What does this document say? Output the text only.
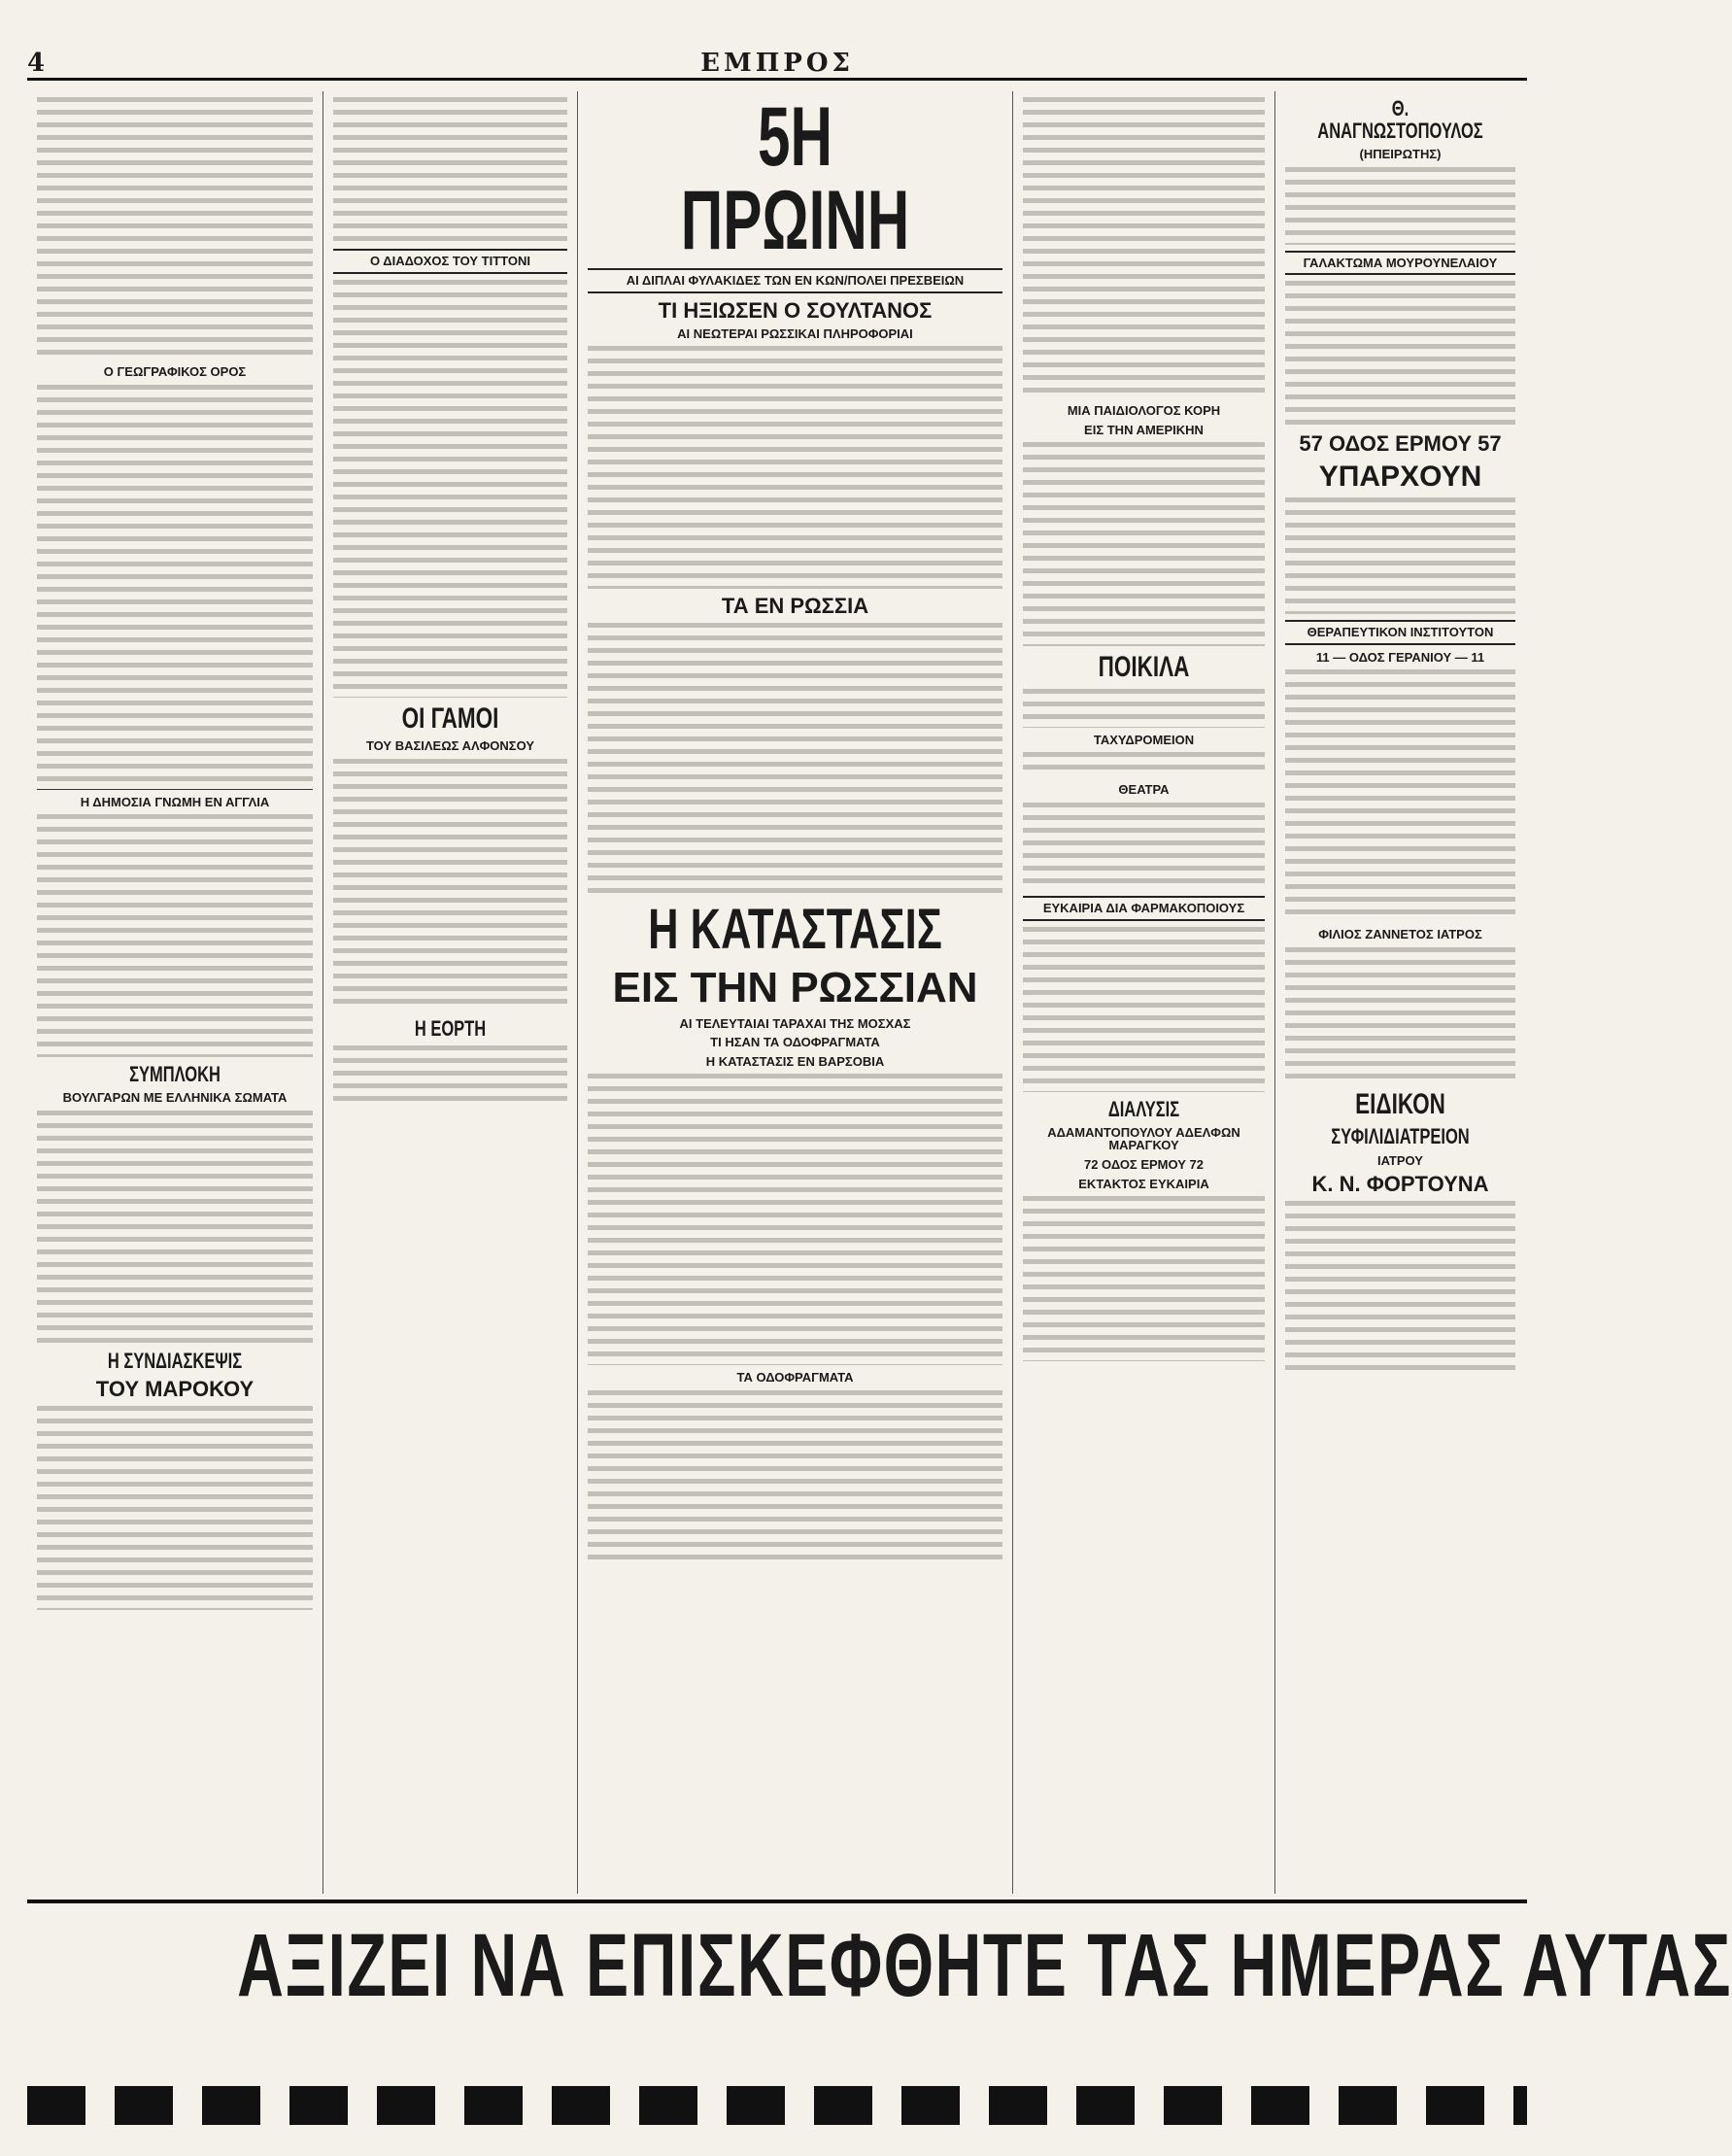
4	ΕΜΠΡΟΣ
Ο ΓΕΩΓΡΑΦΙΚΟΣ ΟΡΟΣ
Η ΔΗΜΟΣΙΑ ΓΝΩΜΗ ΕΝ ΑΓΓΛΙΑ
ΣΥΜΠΛΟΚΗ
ΒΟΥΛΓΑΡΩΝ ΜΕ ΕΛΛΗΝΙΚΑ ΣΩΜΑΤΑ
Η ΣΥΝΔΙΑΣΚΕΨΙΣ
ΤΟΥ ΜΑΡΟΚΟΥ
Ο ΔΙΑΔΟΧΟΣ ΤΟΥ ΤΙΤΤΟΝΙ
ΟΙ ΓΑΜΟΙ
ΤΟΥ ΒΑΣΙΛΕΩΣ ΑΛΦΟΝΣΟΥ
Η ΕΟΡΤΗ
5Η ΠΡΩΙΝΗ
ΑΙ ΔΙΠΛΑΙ ΦΥΛΑΚΙΔΕΣ ΤΩΝ ΕΝ ΚΩΝ/ΠΟΛΕΙ ΠΡΕΣΒΕΙΩΝ
ΤΙ ΗΞΙΩΣΕΝ Ο ΣΟΥΛΤΑΝΟΣ
ΑΙ ΝΕΩΤΕΡΑΙ ΡΩΣΣΙΚΑΙ ΠΛΗΡΟΦΟΡΙΑΙ
ΤΑ ΕΝ ΡΩΣΣΙΑ
Η ΚΑΤΑΣΤΑΣΙΣ
ΕΙΣ ΤΗΝ ΡΩΣΣΙΑΝ
ΑΙ ΤΕΛΕΥΤΑΙΑΙ ΤΑΡΑΧΑΙ ΤΗΣ ΜΟΣΧΑΣ
ΤΙ ΗΣΑΝ ΤΑ ΟΔΟΦΡΑΓΜΑΤΑ
Η ΚΑΤΑΣΤΑΣΙΣ ΕΝ ΒΑΡΣΟΒΙΑ
ΤΑ ΟΔΟΦΡΑΓΜΑΤΑ
ΜΙΑ ΠΑΙΔΙΟΛΟΓΟΣ ΚΟΡΗ
ΕΙΣ ΤΗΝ ΑΜΕΡΙΚΗΝ
ΠΟΙΚΙΛΑ
ΤΑΧΥΔΡΟΜΕΙΟΝ
ΘΕΑΤΡΑ
ΕΥΚΑΙΡΙΑ ΔΙΑ ΦΑΡΜΑΚΟΠΟΙΟΥΣ
ΔΙΑΛΥΣΙΣ
ΑΔΑΜΑΝΤΟΠΟΥΛΟΥ ΑΔΕΛΦΩΝ ΜΑΡΑΓΚΟΥ
72 ΟΔΟΣ ΕΡΜΟΥ 72
ΕΚΤΑΚΤΟΣ ΕΥΚΑΙΡΙΑ
Θ. ΑΝΑΓΝΩΣΤΟΠΟΥΛΟΣ
(ΗΠΕΙΡΩΤΗΣ)
ΓΑΛΑΚΤΩΜΑ ΜΟΥΡΟΥΝΕΛΑΙΟΥ
57 ΟΔΟΣ ΕΡΜΟΥ 57
ΥΠΑΡΧΟΥΝ
ΘΕΡΑΠΕΥΤΙΚΟΝ ΙΝΣΤΙΤΟΥΤΟΝ
11 — ΟΔΟΣ ΓΕΡΑΝΙΟΥ — 11
ΦΙΛΙΟΣ ΖΑΝΝΕΤΟΣ ΙΑΤΡΟΣ
ΕΙΔΙΚΟΝ
ΣΥΦΙΛΙΔΙΑΤΡΕΙΟΝ
ΙΑΤΡΟΥ
Κ. Ν. ΦΟΡΤΟΥΝΑ
ΑΞΙΖΕΙ ΝΑ ΕΠΙΣΚΕΦΘΗΤΕ ΤΑΣ ΗΜΕΡΑΣ ΑΥΤΑΣ
